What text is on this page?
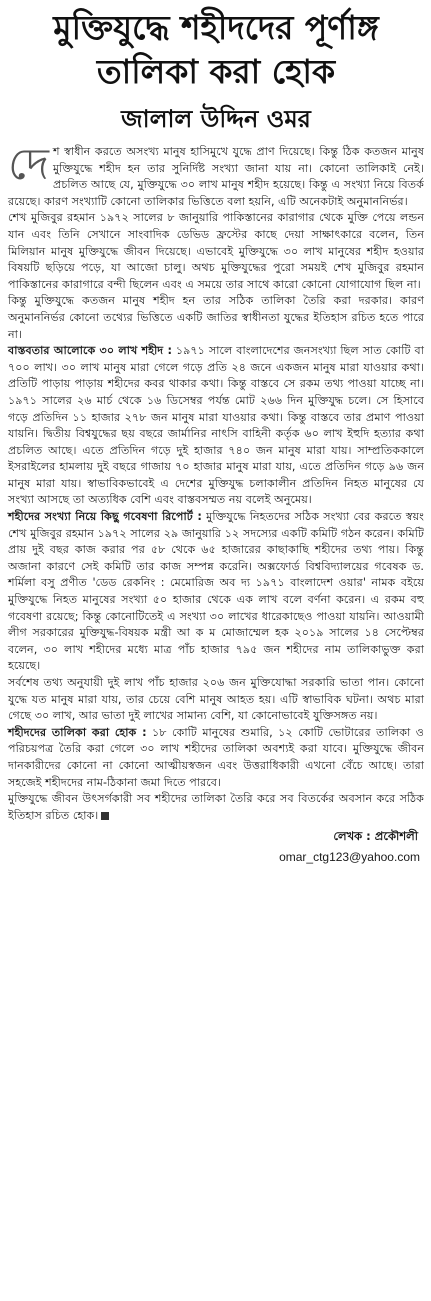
মুক্তিযুদ্ধে শহীদদের পূর্ণাঙ্গ
তালিকা করা হোক
জালাল উদ্দিন ওমর

দেশ স্বাধীন করতে অসংখ্য মানুষ হাসিমুখে যুদ্ধে প্রাণ দিয়েছে। কিন্তু ঠিক কতজন মানুষ মুক্তিযুদ্ধে শহীদ হন তার সুনির্দিষ্ট সংখ্যা জানা যায় না। কোনো তালিকাই নেই। প্রচলিত আছে যে, মুক্তিযুদ্ধে ৩০ লাখ মানুষ শহীদ হয়েছে। কিন্তু এ সংখ্যা নিয়ে বিতর্ক রয়েছে। কারণ সংখ্যাটি কোনো তালিকার ভিত্তিতে বলা হয়নি, এটি অনেকটাই অনুমাননির্ভর।

শেখ মুজিবুর রহমান ১৯৭২ সালের ৮ জানুয়ারি পাকিস্তানের কারাগার থেকে মুক্তি পেয়ে লন্ডন যান এবং তিনি সেখানে সাংবাদিক ডেভিড ফ্রস্টের কাছে দেয়া সাক্ষাৎকারে বলেন, তিন মিলিয়ান মানুষ মুক্তিযুদ্ধে জীবন দিয়েছে। এভাবেই মুক্তিযুদ্ধে ৩০ লাখ মানুষের শহীদ হওয়ার বিষয়টি ছড়িয়ে পড়ে, যা আজো চালু। অথচ মুক্তিযুদ্ধের পুরো সময়ই শেখ মুজিবুর রহমান পাকিস্তানের কারাগারে বন্দী ছিলেন এবং এ সময়ে তার সাথে কারো কোনো যোগাযোগ ছিল না।

কিন্তু মুক্তিযুদ্ধে কতজন মানুষ শহীদ হন তার সঠিক তালিকা তৈরি করা দরকার। কারণ অনুমাননির্ভর কোনো তথ্যের ভিত্তিতে একটি জাতির স্বাধীনতা যুদ্ধের ইতিহাস রচিত হতে পারে না।

বাস্তবতার আলোকে ৩০ লাখ শহীদ : ১৯৭১ সালে বাংলাদেশের জনসংখ্যা ছিল সাত কোটি বা ৭০০ লাখ। ৩০ লাখ মানুষ মারা গেলে গড়ে প্রতি ২৪ জনে একজন মানুষ মারা যাওয়ার কথা। প্রতিটি পাড়ায় পাড়ায় শহীদের কবর থাকার কথা। কিন্তু বাস্তবে সে রকম তথ্য পাওয়া যাচ্ছে না। ১৯৭১ সালের ২৬ মার্চ থেকে ১৬ ডিসেম্বর পর্যন্ত মোট ২৬৬ দিন মুক্তিযুদ্ধ চলে। সে হিসাবে গড়ে প্রতিদিন ১১ হাজার ২৭৮ জন মানুষ মারা যাওয়ার কথা। কিন্তু বাস্তবে তার প্রমাণ পাওয়া যায়নি। দ্বিতীয় বিশ্বযুদ্ধের ছয় বছরে জার্মানির নাৎসি বাহিনী কর্তৃক ৬০ লাখ ইহুদি হত্যার কথা প্রচলিত আছে। এতে প্রতিদিন গড়ে দুই হাজার ৭৪০ জন মানুষ মারা যায়। সাম্প্রতিককালে ইসরাইলের হামলায় দুই বছরে গাজায় ৭০ হাজার মানুষ মারা যায়, এতে প্রতিদিন গড়ে ৯৬ জন মানুষ মারা যায়। স্বাভাবিকভাবেই এ দেশের মুক্তিযুদ্ধ চলাকালীন প্রতিদিন নিহত মানুষের যে সংখ্যা আসছে তা অত্যধিক বেশি এবং বাস্তবসম্মত নয় বলেই অনুমেয়।

শহীদের সংখ্যা নিয়ে কিছু গবেষণা রিপোর্ট : মুক্তিযুদ্ধে নিহতদের সঠিক সংখ্যা বের করতে স্বয়ং শেখ মুজিবুর রহমান ১৯৭২ সালের ২৯ জানুয়ারি ১২ সদস্যের একটি কমিটি গঠন করেন। কমিটি প্রায় দুই বছর কাজ করার পর ৫৮ থেকে ৬৫ হাজারের কাছাকাছি শহীদের তথ্য পায়। কিন্তু অজানা কারণে সেই কমিটি তার কাজ সম্পন্ন করেনি। অক্সফোর্ড বিশ্ববিদ্যালয়ের গবেষক ড. শর্মিলা বসু প্রণীত 'ডেড রেকনিং : মেমোরিজ অব দ্য ১৯৭১ বাংলাদেশ ওয়ার' নামক বইয়ে মুক্তিযুদ্ধে নিহত মানুষের সংখ্যা ৫০ হাজার থেকে এক লাখ বলে বর্ণনা করেন। এ রকম বহু গবেষণা রয়েছে; কিন্তু কোনোটিতেই এ সংখ্যা ৩০ লাখের ধারেকাছেও পাওয়া যায়নি। আওয়ামী লীগ সরকারের মুক্তিযুদ্ধ-বিষয়ক মন্ত্রী আ ক ম মোজাম্মেল হক ২০১৯ সালের ১৪ সেপ্টেম্বর বলেন, ৩০ লাখ শহীদের মধ্যে মাত্র পাঁচ হাজার ৭৯৫ জন শহীদের নাম তালিকাভুক্ত করা হয়েছে।

সর্বশেষ তথ্য অনুযায়ী দুই লাখ পাঁচ হাজার ২০৬ জন মুক্তিযোদ্ধা সরকারি ভাতা পান। কোনো যুদ্ধে যত মানুষ মারা যায়, তার চেয়ে বেশি মানুষ আহত হয়। এটি স্বাভাবিক ঘটনা। অথচ মারা গেছে ৩০ লাখ, আর ভাতা দুই লাখের সামান্য বেশি, যা কোনোভাবেই যুক্তিসঙ্গত নয়।

শহীদদের তালিকা করা হোক : ১৮ কোটি মানুষের শুমারি, ১২ কোটি ভোটারের তালিকা ও পরিচয়পত্র তৈরি করা গেলে ৩০ লাখ শহীদের তালিকা অবশ্যই করা যাবে। মুক্তিযুদ্ধে জীবন দানকারীদের কোনো না কোনো আত্মীয়স্বজন এবং উত্তরাধিকারী এখনো বেঁচে আছে। তারা সহজেই শহীদদের নাম-ঠিকানা জমা দিতে পারবে।

মুক্তিযুদ্ধে জীবন উৎসর্গকারী সব শহীদের তালিকা তৈরি করে সব বিতর্কের অবসান করে সঠিক ইতিহাস রচিত হোক।

লেখক : প্রকৌশলী
omar_ctg123@yahoo.com
